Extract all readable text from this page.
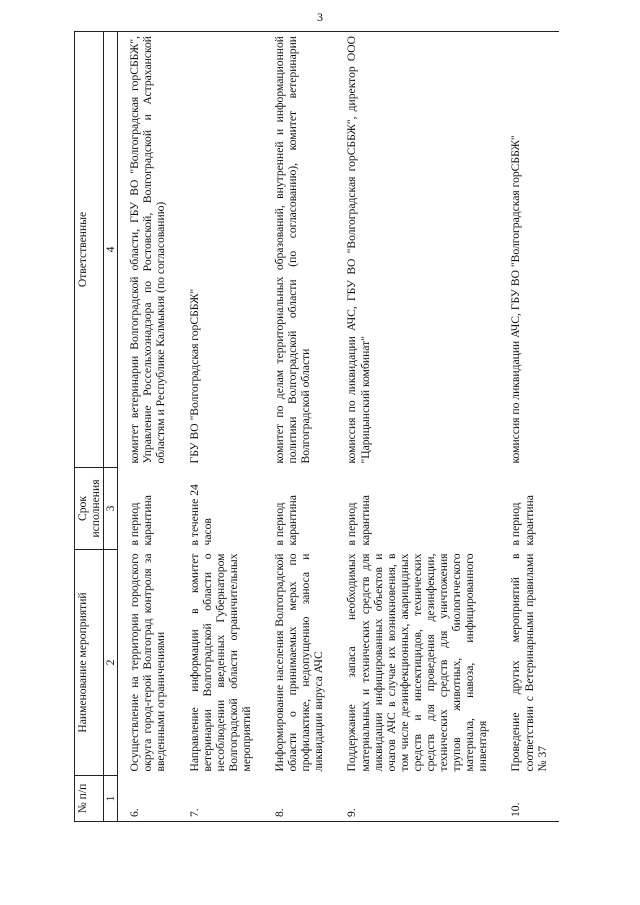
3
№ п/п	Наименование мероприятий	Срок исполнения	Ответственные
1	2	3	4
6.	Осуществление на территории городского округа город-герой Волгоград контроля за введенными ограничениями	в период карантина	комитет ветеринарии Волгоградской области, ГБУ ВО "Волгоградская горСББЖ", Управление Россельхознадзора по Ростовской, Волгоградской и Астраханской областям и Республике Калмыкия (по согласованию)
7.	Направление информации в комитет ветеринарии Волгоградской области о несоблюдении введенных Губернатором Волгоградской области ограничительных мероприятий	в течение 24 часов	ГБУ ВО "Волгоградская горСББЖ"
8.	Информирование населения Волгоградской области о принимаемых мерах по профилактике, недопущению заноса и ликвидации вируса АЧС	в период карантина	комитет по делам территориальных образований, внутренней и информационной политики Волгоградской области (по согласованию), комитет ветеринарии Волгоградской области
9.	Поддержание запаса необходимых материальных и технических средств для ликвидации инфицированных объектов и очагов АЧС в случае их возникновения, в том числе дезинфекционных, акарицидных средств и инсектицидов, технических средств для проведения дезинфекции, технических средств для уничтожения трупов животных, биологического материала, навоза, инфицированного инвентаря	в период карантина	комиссия по ликвидации АЧС, ГБУ ВО "Волгоградская горСББЖ", директор ООО "Царицынский комбинат"
10.	Проведение других мероприятий в соответствии с Ветеринарными правилами № 37	в период карантина	комиссия по ликвидации АЧС, ГБУ ВО "Волгоградская горСББЖ"
